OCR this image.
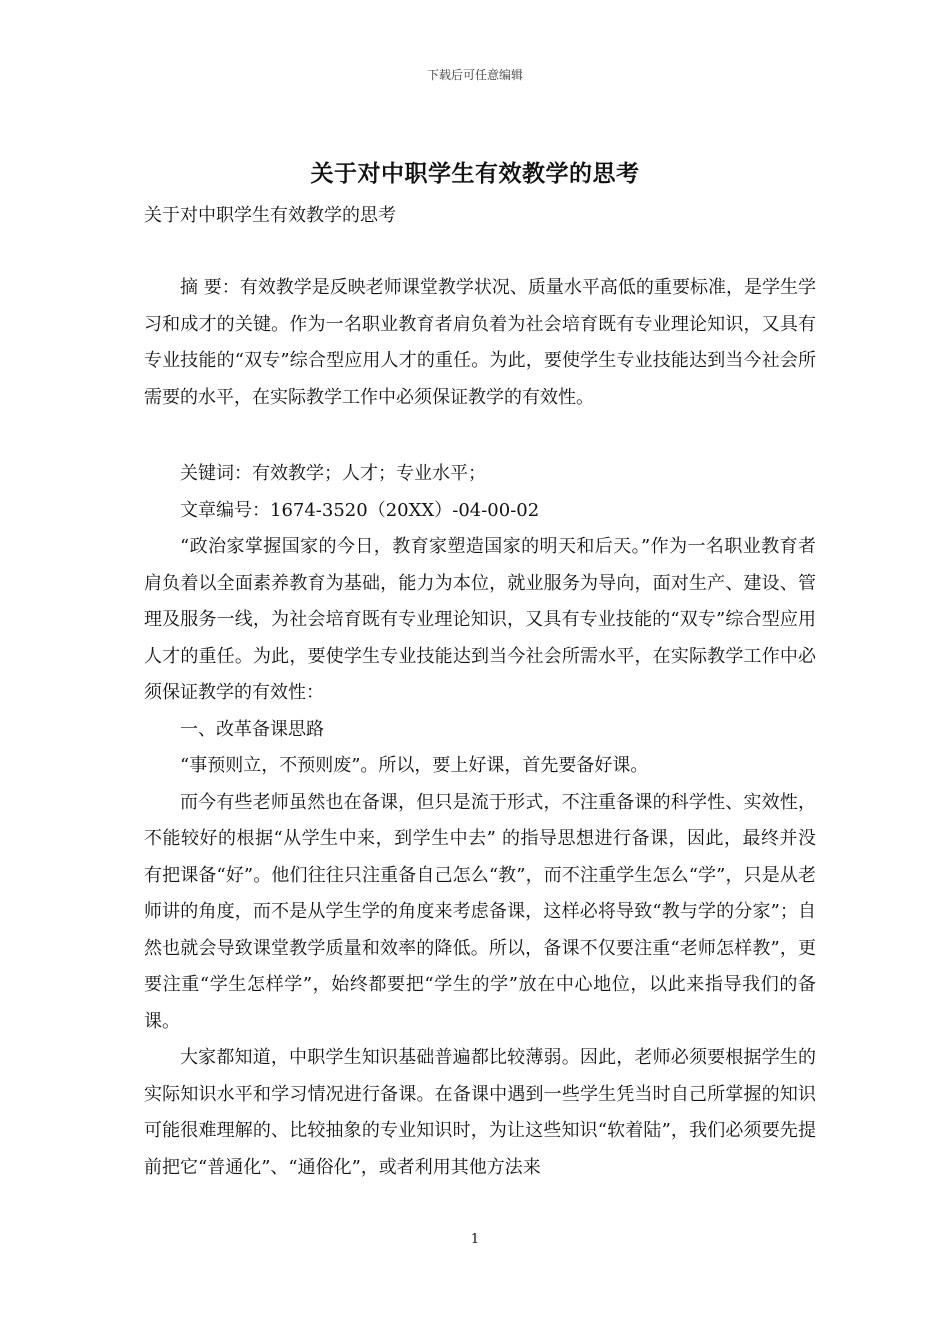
下载后可任意编辑
关于对中职学生有效教学的思考
关于对中职学生有效教学的思考

摘 要：有效教学是反映老师课堂教学状况、质量水平高低的重要标准，是学生学习和成才的关键。作为一名职业教育者肩负着为社会培育既有专业理论知识，又具有专业技能的“双专”综合型应用人才的重任。为此，要使学生专业技能达到当今社会所需要的水平，在实际教学工作中必须保证教学的有效性。

关键词：有效教学；人才；专业水平；

文章编号：1674-3520（20XX）-04-00-02

“政治家掌握国家的今日，教育家塑造国家的明天和后天。”作为一名职业教育者肩负着以全面素养教育为基础，能力为本位，就业服务为导向，面对生产、建设、管理及服务一线，为社会培育既有专业理论知识，又具有专业技能的“双专”综合型应用人才的重任。为此，要使学生专业技能达到当今社会所需水平，在实际教学工作中必须保证教学的有效性：

一、改革备课思路

“事预则立，不预则废”。所以，要上好课，首先要备好课。

而今有些老师虽然也在备课，但只是流于形式，不注重备课的科学性、实效性，不能较好的根据“从学生中来，到学生中去” 的指导思想进行备课，因此，最终并没有把课备“好”。他们往往只注重备自己怎么“教”，而不注重学生怎么“学”，只是从老师讲的角度，而不是从学生学的角度来考虑备课，这样必将导致“教与学的分家”；自然也就会导致课堂教学质量和效率的降低。所以，备课不仅要注重“老师怎样教”，更要注重“学生怎样学”，始终都要把“学生的学”放在中心地位，以此来指导我们的备课。

大家都知道，中职学生知识基础普遍都比较薄弱。因此，老师必须要根据学生的实际知识水平和学习情况进行备课。在备课中遇到一些学生凭当时自己所掌握的知识可能很难理解的、比较抽象的专业知识时，为让这些知识“软着陆”，我们必须要先提前把它“普通化”、“通俗化”，或者利用其他方法来

1
